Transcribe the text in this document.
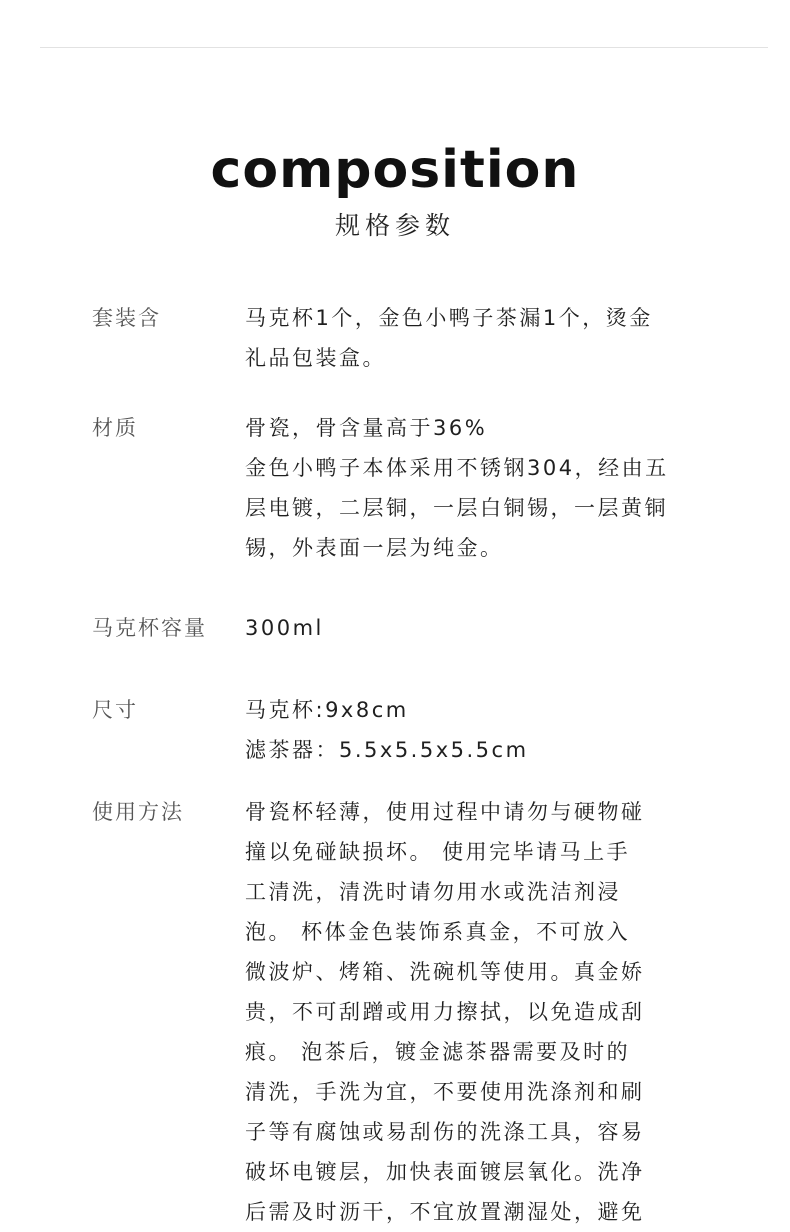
composition
规格参数
套装含	马克杯1个，金色小鸭子茶漏1个，烫金
礼品包装盒。
材质	骨瓷，骨含量高于36%
金色小鸭子本体采用不锈钢304，经由五
层电镀，二层铜，一层白铜锡，一层黄铜
锡，外表面一层为纯金。
马克杯容量 300ml
尺寸	马克杯:9x8cm
滤茶器：5.5x5.5x5.5cm
使用方法	骨瓷杯轻薄，使用过程中请勿与硬物碰
撞以免碰缺损坏。 使用完毕请马上手
工清洗，清洗时请勿用水或洗洁剂浸
泡。 杯体金色装饰系真金，不可放入
微波炉、烤箱、洗碗机等使用。真金娇
贵，不可刮蹭或用力擦拭，以免造成刮
痕。 泡茶后，镀金滤茶器需要及时的
清洗，手洗为宜，不要使用洗涤剂和刷
子等有腐蚀或易刮伤的洗涤工具，容易
破坏电镀层，加快表面镀层氧化。洗净
后需及时沥干，不宜放置潮湿处，避免
